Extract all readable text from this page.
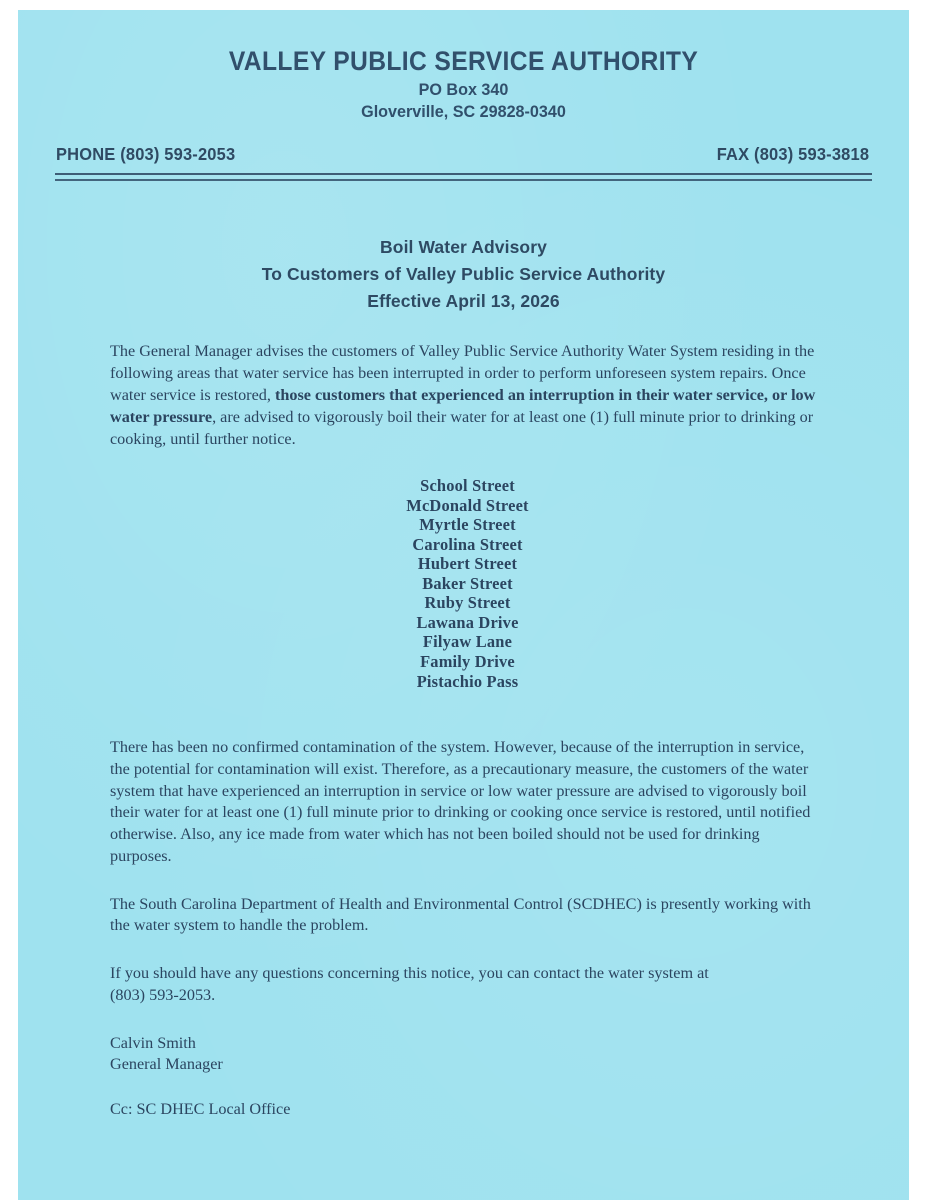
VALLEY PUBLIC SERVICE AUTHORITY
PO Box 340
Gloverville, SC 29828-0340
PHONE (803) 593-2053	FAX (803) 593-3818
Boil Water Advisory
To Customers of Valley Public Service Authority
Effective April 13, 2026
The General Manager advises the customers of Valley Public Service Authority Water System residing in the following areas that water service has been interrupted in order to perform unforeseen system repairs. Once water service is restored, those customers that experienced an interruption in their water service, or low water pressure, are advised to vigorously boil their water for at least one (1) full minute prior to drinking or cooking, until further notice.
School Street
McDonald Street
Myrtle Street
Carolina Street
Hubert Street
Baker Street
Ruby Street
Lawana Drive
Filyaw Lane
Family Drive
Pistachio Pass
There has been no confirmed contamination of the system. However, because of the interruption in service, the potential for contamination will exist. Therefore, as a precautionary measure, the customers of the water system that have experienced an interruption in service or low water pressure are advised to vigorously boil their water for at least one (1) full minute prior to drinking or cooking once service is restored, until notified otherwise. Also, any ice made from water which has not been boiled should not be used for drinking purposes.
The South Carolina Department of Health and Environmental Control (SCDHEC) is presently working with the water system to handle the problem.
If you should have any questions concerning this notice, you can contact the water system at
(803) 593-2053.
Calvin Smith
General Manager
Cc: SC DHEC Local Office
